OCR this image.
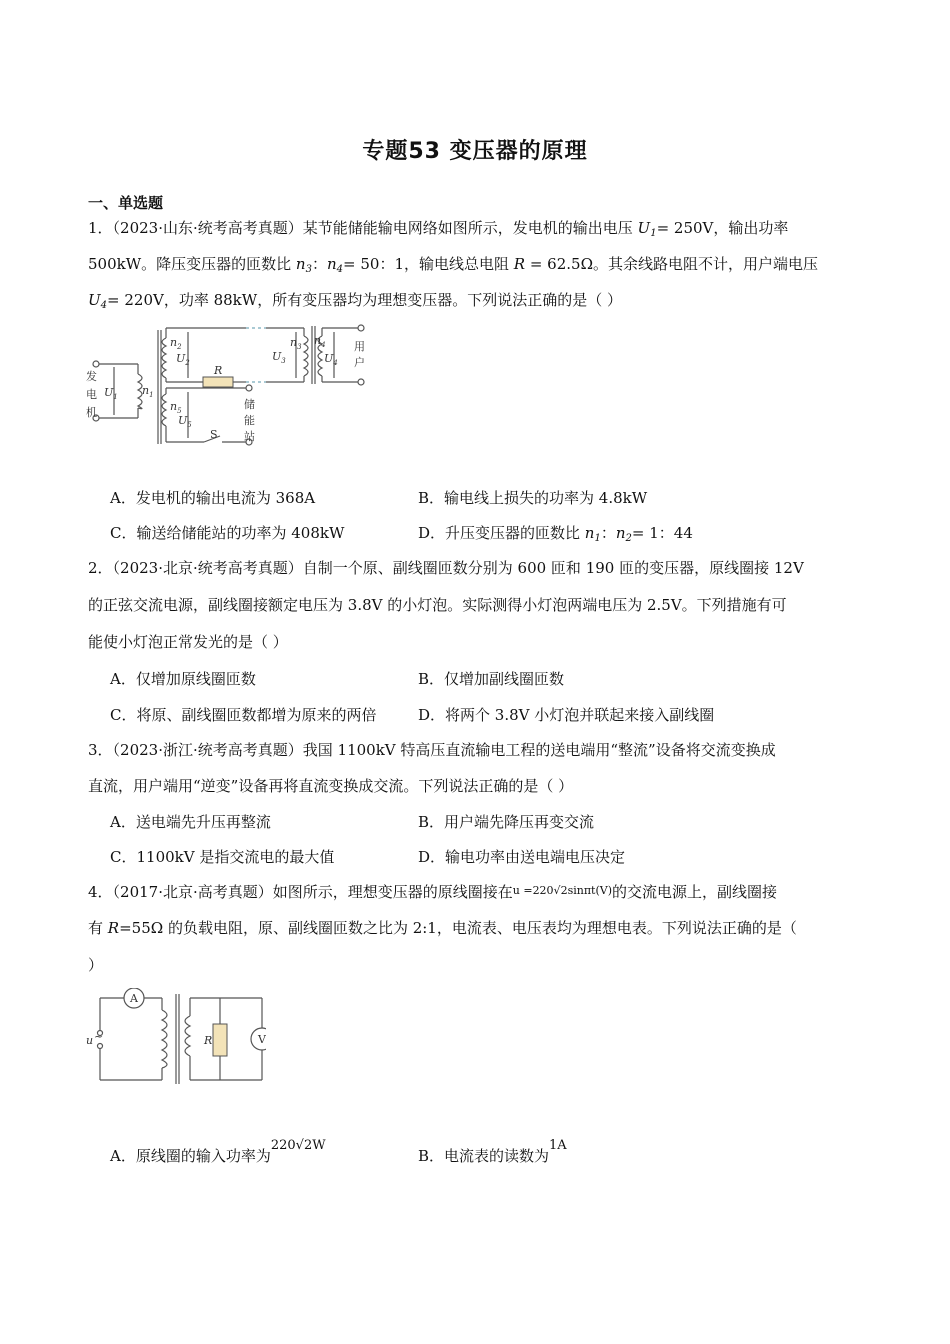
专题53 变压器的原理
一、单选题
1．（2023·山东·统考高考真题）某节能储能输电网络如图所示，发电机的输出电压 $U_1= 250V$，输出功率
500kW。降压变压器的匝数比 $n_3$：$n_4= 50$：1，输电线总电阻 R = 62.5Ω。其余线路电阻不计，用户端电压
$U_4= 220V$，功率 88kW，所有变压器均为理想变压器。下列说法正确的是（ ）
发
电
机
用
户
储
能
站
R
S
$U_1$ $n_1$
$n_2$
$U_2$	$U_3$
$n_3$ $n_4$
$U_4$
$n_5$
$U_5$
A．发电机的输出电流为 368A	B．输电线上损失的功率为 4.8kW
C．输送给储能站的功率为 408kW	D．升压变压器的匝数比 $n_1$：$n_2= 1$：44
2．（2023·北京·统考高考真题）自制一个原、副线圈匝数分别为 600 匝和 190 匝的变压器，原线圈接 12V
的正弦交流电源，副线圈接额定电压为 3.8V 的小灯泡。实际测得小灯泡两端电压为 2.5V。下列措施有可
能使小灯泡正常发光的是（ ）
A．仅增加原线圈匝数	B．仅增加副线圈匝数
C．将原、副线圈匝数都增为原来的两倍	D．将两个 3.8V 小灯泡并联起来接入副线圈
3．（2023·浙江·统考高考真题）我国 1100kV 特高压直流输电工程的送电端用“整流”设备将交流变换成
直流，用户端用“逆变”设备再将直流变换成交流。下列说法正确的是（ ）
A．送电端先升压再整流	B．用户端先降压再变交流
C．1100kV 是指交流电的最大值	D．输电功率由送电端电压决定
4．（2017·北京·高考真题）如图所示，理想变压器的原线圈接在$^{u =220√2sin\pi t(V)}$的交流电源上，副线圈接
有 R=55Ω 的负载电阻，原、副线圈匝数之比为 2:1，电流表、电压表均为理想电表。下列说法正确的是（
）
A
V
R
u ~
A．原线圈的输入功率为220√2W
B．电流表的读数为1A
